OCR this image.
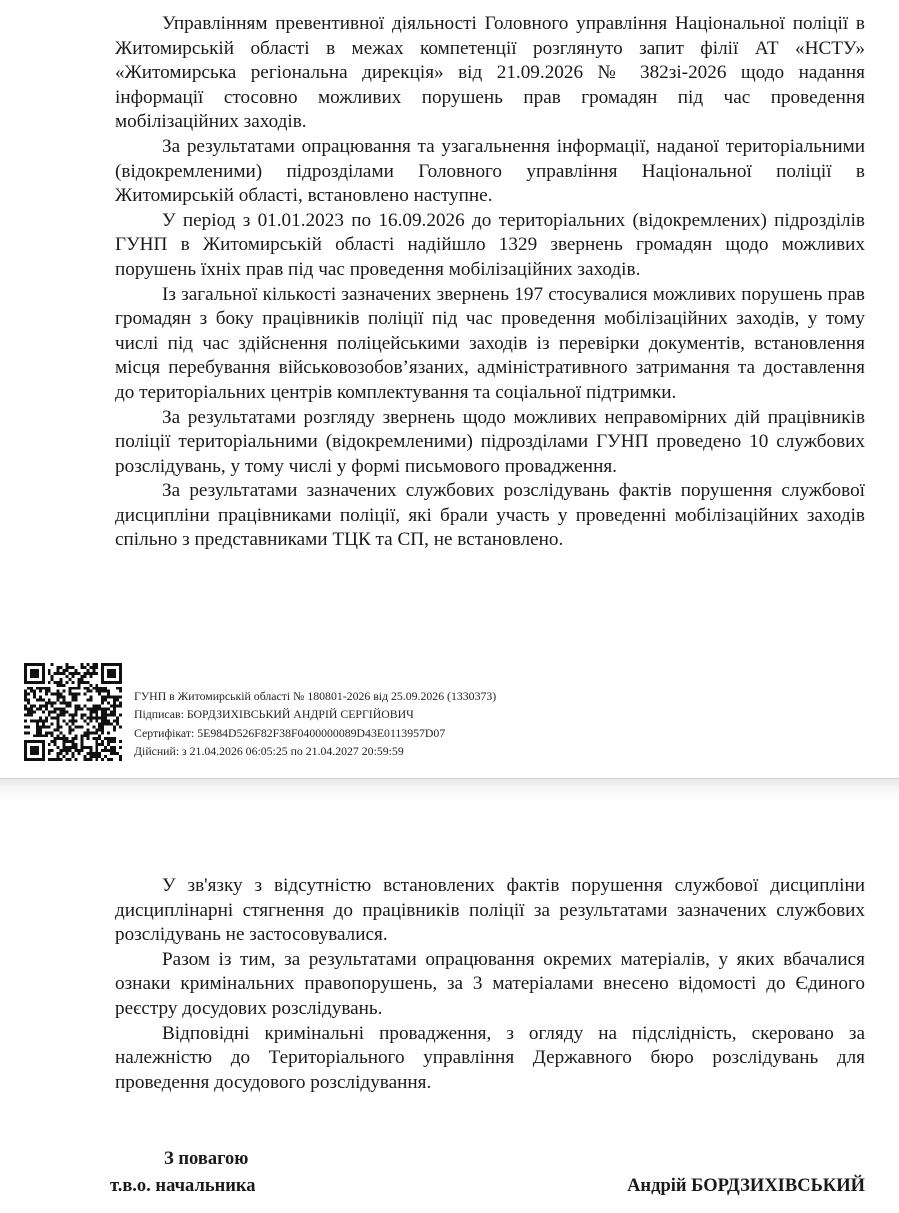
Управлінням превентивної діяльності Головного управління Національної поліції в Житомирській області в межах компетенції розглянуто запит філії АТ «НСТУ» «Житомирська регіональна дирекція» від 21.09.2026 № 382зі-2026 щодо надання інформації стосовно можливих порушень прав громадян під час проведення мобілізаційних заходів.

За результатами опрацювання та узагальнення інформації, наданої територіальними (відокремленими) підрозділами Головного управління Національної поліції в Житомирській області, встановлено наступне.

У період з 01.01.2023 по 16.09.2026 до територіальних (відокремлених) підрозділів ГУНП в Житомирській області надійшло 1329 звернень громадян щодо можливих порушень їхніх прав під час проведення мобілізаційних заходів.

Із загальної кількості зазначених звернень 197 стосувалися можливих порушень прав громадян з боку працівників поліції під час проведення мобілізаційних заходів, у тому числі під час здійснення поліцейськими заходів із перевірки документів, встановлення місця перебування військовозобов’язаних, адміністративного затримання та доставлення до територіальних центрів комплектування та соціальної підтримки.

За результатами розгляду звернень щодо можливих неправомірних дій працівників поліції територіальними (відокремленими) підрозділами ГУНП проведено 10 службових розслідувань, у тому числі у формі письмового провадження.

За результатами зазначених службових розслідувань фактів порушення службової дисципліни працівниками поліції, які брали участь у проведенні мобілізаційних заходів спільно з представниками ТЦК та СП, не встановлено.

ГУНП в Житомирській області № 180801-2026 від 25.09.2026 (1330373)
Підписав: БОРДЗИХІВСЬКИЙ АНДРІЙ СЕРГІЙОВИЧ
Сертифікат: 5E984D526F82F38F0400000089D43E0113957D07
Дійсний: з 21.04.2026 06:05:25 по 21.04.2027 20:59:59

У зв'язку з відсутністю встановлених фактів порушення службової дисципліни дисциплінарні стягнення до працівників поліції за результатами зазначених службових розслідувань не застосовувалися.

Разом із тим, за результатами опрацювання окремих матеріалів, у яких вбачалися ознаки кримінальних правопорушень, за 3 матеріалами внесено відомості до Єдиного реєстру досудових розслідувань.

Відповідні кримінальні провадження, з огляду на підслідність, скеровано за належністю до Територіального управління Державного бюро розслідувань для проведення досудового розслідування.

З повагою
т.в.о. начальника	Андрій БОРДЗИХІВСЬКИЙ
